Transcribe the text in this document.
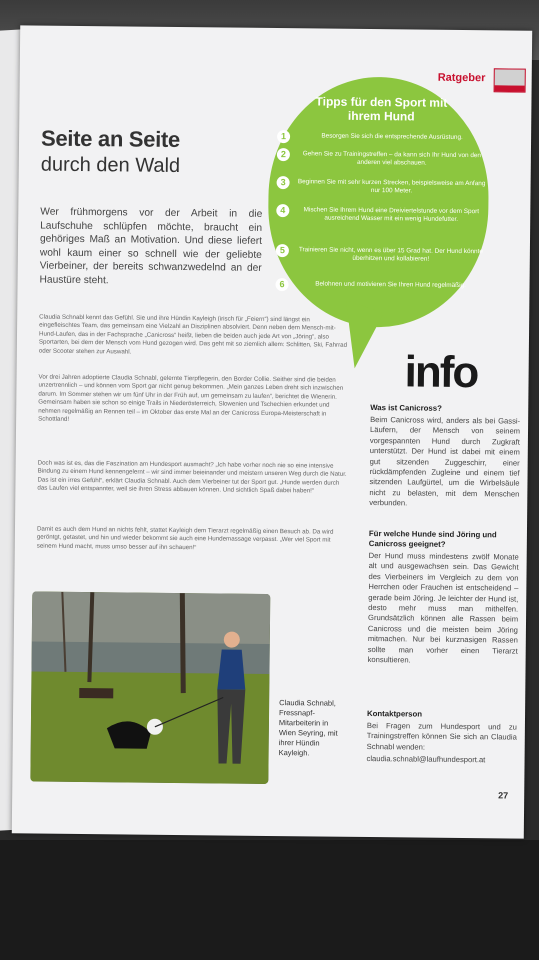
Ratgeber
Tipps für den Sport mit ihrem Hund
1	Besorgen Sie sich die entsprechende Ausrüstung.
2	Gehen Sie zu Trainingstreffen – da kann sich Ihr Hund von den anderen viel abschauen.
3	Beginnen Sie mit sehr kurzen Strecken, beispielsweise am Anfang nur 100 Meter.
4	Mischen Sie Ihrem Hund eine Dreiviertelstunde vor dem Sport ausreichend Wasser mit ein wenig Hundefutter.
5	Trainieren Sie nicht, wenn es über 15 Grad hat. Der Hund könnte überhitzen und kollabieren!
6	Belohnen und motivieren Sie Ihren Hund regelmäßig.
Seite an Seite
durch den Wald
Wer frühmorgens vor der Arbeit in die Laufschuhe schlüpfen möchte, braucht ein gehöriges Maß an Motivation. Und diese liefert wohl kaum einer so schnell wie der geliebte Vierbeiner, der bereits schwanzwedelnd an der Haustüre steht.
Claudia Schnabl kennt das Gefühl. Sie und ihre Hündin Kayleigh (irisch für „Feiern“) sind längst ein eingefleischtes Team, das gemeinsam eine Vielzahl an Disziplinen absolviert. Denn neben dem Mensch-mit-Hund-Laufen, das in der Fachsprache „Canicross“ heißt, lieben die beiden auch jede Art von „Jöring“, also Sportarten, bei dem der Mensch vom Hund gezogen wird. Das geht mit so ziemlich allem: Schlitten, Ski, Fahrrad oder Scooter stehen zur Auswahl.
Vor drei Jahren adoptierte Claudia Schnabl, gelernte Tierpflegerin, den Border Collie. Seither sind die beiden unzertrennlich – und können vom Sport gar nicht genug bekommen. „Mein ganzes Leben dreht sich inzwischen darum. Im Sommer stehen wir um fünf Uhr in der Früh auf, um gemeinsam zu laufen“, berichtet die Wienerin. Gemeinsam haben sie schon so einige Trails in Niederösterreich, Slowenien und Tschechien erkundet und nehmen regelmäßig an Rennen teil – im Oktober das erste Mal an der Canicross Europa-Meisterschaft in Schottland!
Doch was ist es, das die Faszination am Hundesport ausmacht? „Ich habe vorher noch nie so eine intensive Bindung zu einem Hund kennengelernt – wir sind immer beieinander und meistern unseren Weg durch die Natur. Das ist ein irres Gefühl“, erklärt Claudia Schnabl. Auch dem Vierbeiner tut der Sport gut. „Hunde werden durch das Laufen viel entspannter, weil sie ihren Stress abbauen können. Und sichtlich Spaß dabei haben!“
Damit es auch dem Hund an nichts fehlt, stattet Kayleigh dem Tierarzt regelmäßig einen Besuch ab. Da wird geröntgt, getastet, und hin und wieder bekommt sie auch eine Hundemassage verpasst. „Wer viel Sport mit seinem Hund macht, muss umso besser auf ihn schauen!“
Claudia Schnabl, Fressnapf-Mitarbeiterin in Wien Seyring, mit ihrer Hündin Kayleigh.
info
Was ist Canicross?
Beim Canicross wird, anders als bei Gassi-Läufern, der Mensch von seinem vorgespannten Hund durch Zugkraft unterstützt. Der Hund ist dabei mit einem gut sitzenden Zuggeschirr, einer rückdämpfenden Zugleine und einem tief sitzenden Laufgürtel, um die Wirbelsäule nicht zu belasten, mit dem Menschen verbunden.
Für welche Hunde sind Jöring und Canicross geeignet?
Der Hund muss mindestens zwölf Monate alt und ausgewachsen sein. Das Gewicht des Vierbeiners im Vergleich zu dem von Herrchen oder Frauchen ist entscheidend – gerade beim Jöring. Je leichter der Hund ist, desto mehr muss man mithelfen. Grundsätzlich können alle Rassen beim Canicross und die meisten beim Jöring mitmachen. Nur bei kurznasigen Rassen sollte man vorher einen Tierarzt konsultieren.
Kontaktperson
Bei Fragen zum Hundesport und zu Trainingstreffen können Sie sich an Claudia Schnabl wenden:
claudia.schnabl@laufhundesport.at
27
